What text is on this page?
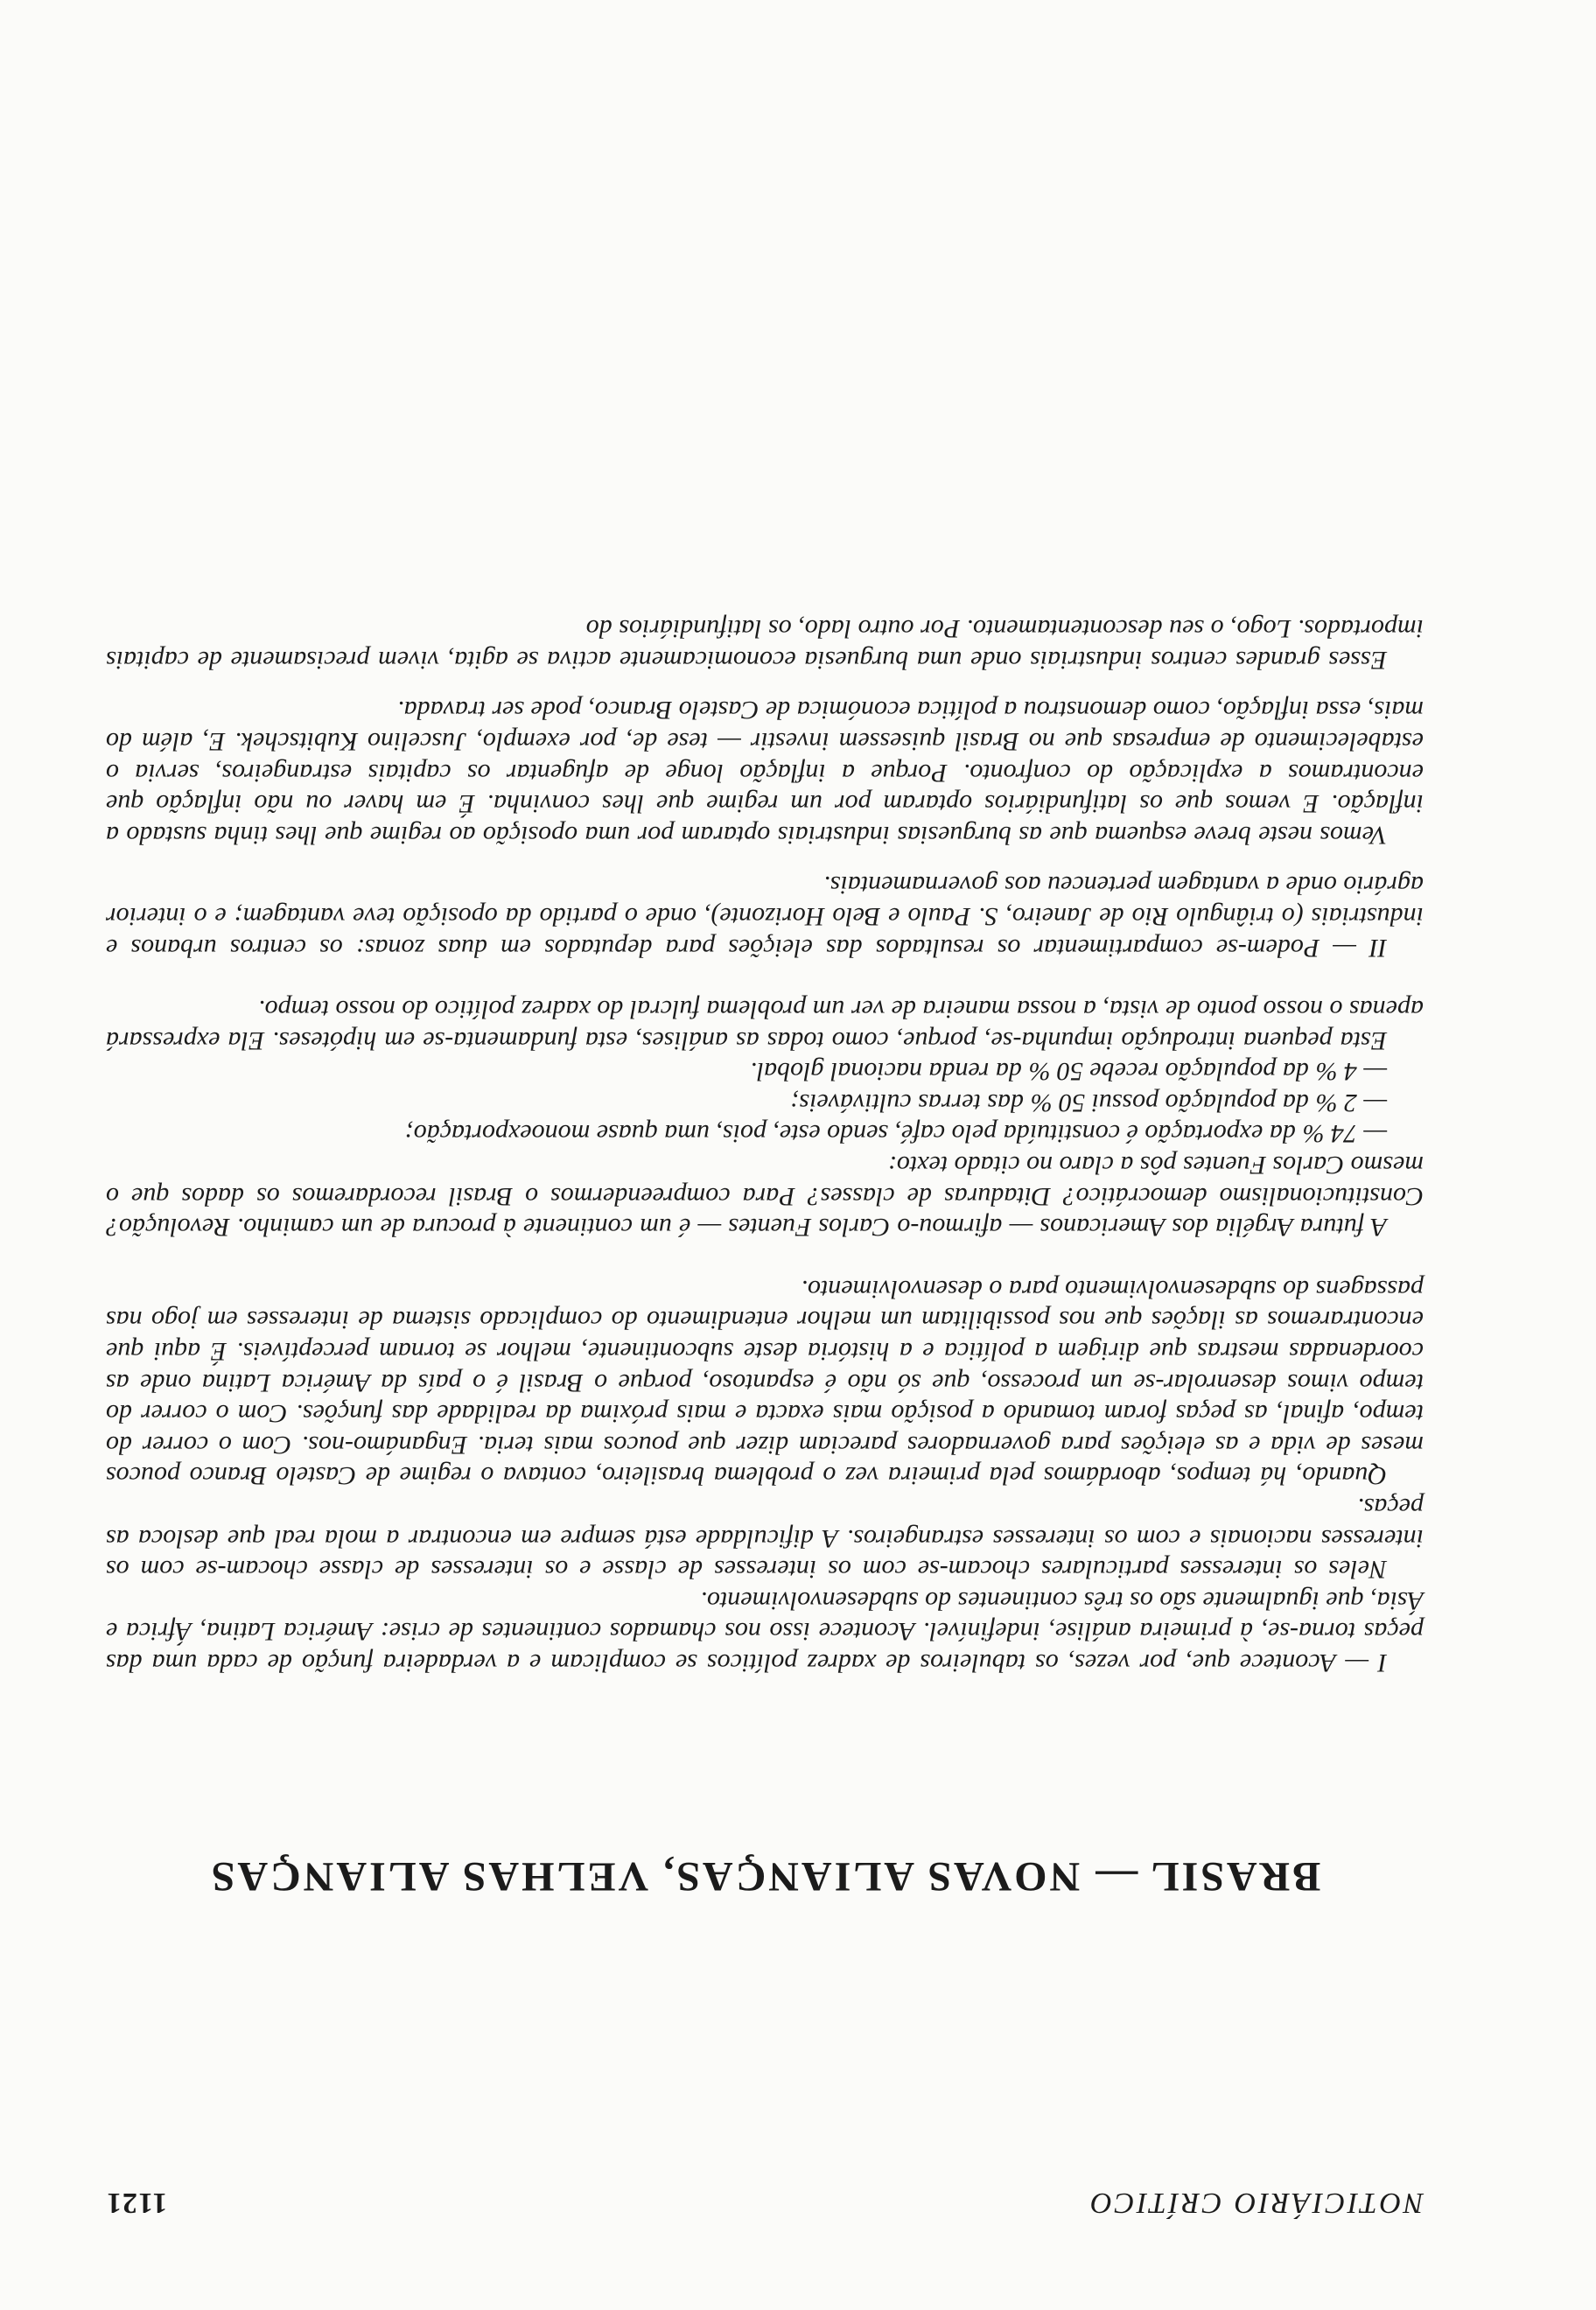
NOTICIÁRIO CRÍTICO
1121
BRASIL — NOVAS ALIANÇAS, VELHAS ALIANÇAS

I — Acontece que, por vezes, os tabuleiros de xadrez políticos se complicam e a verdadeira função de cada uma das peças torna-se, à primeira análise, indefinível. Acontece isso nos chamados continentes de crise: América Latina, África e Ásia, que igualmente são os três continentes do subdesenvolvimento.

Neles os interesses particulares chocam-se com os interesses de classe e os interesses de classe chocam-se com os interesses nacionais e com os interesses estrangeiros. A dificuldade está sempre em encontrar a mola real que desloca as peças.

Quando, há tempos, abordámos pela primeira vez o problema brasileiro, contava o regime de Castelo Branco poucos meses de vida e as eleições para governadores pareciam dizer que poucos mais teria. Enganámo-nos. Com o correr do tempo, afinal, as peças foram tomando a posição mais exacta e mais próxima da realidade das funções. Com o correr do tempo vimos desenrolar-se um processo, que só não é espantoso, porque o Brasil é o país da América Latina onde as coordenadas mestras que dirigem a política e a história deste subcontinente, melhor se tornam perceptíveis. É aqui que encontraremos as ilações que nos possibilitam um melhor entendimento do complicado sistema de interesses em jogo nas passagens do subdesenvolvimento para o desenvolvimento.

A futura Argélia dos Americanos — afirmou-o Carlos Fuentes — é um continente à procura de um caminho. Revolução? Constitucionalismo democrático? Ditaduras de classes? Para compreendermos o Brasil recordaremos os dados que o mesmo Carlos Fuentes pôs a claro no citado texto:

— 74 % da exportação é constituída pelo café, sendo este, pois, uma quase monoexportação;

— 2 % da população possui 50 % das terras cultiváveis;

— 4 % da população recebe 50 % da renda nacional global.

Esta pequena introdução impunha-se, porque, como todas as análises, esta fundamenta-se em hipóteses. Ela expressará apenas o nosso ponto de vista, a nossa maneira de ver um problema fulcral do xadrez político do nosso tempo.

II — Podem-se compartimentar os resultados das eleições para deputados em duas zonas: os centros urbanos e industriais (o triângulo Rio de Janeiro, S. Paulo e Belo Horizonte), onde o partido da oposição teve vantagem; e o interior agrário onde a vantagem pertenceu aos governamentais.

Vemos neste breve esquema que as burguesias industriais optaram por uma oposição ao regime que lhes tinha sustado a inflação. E vemos que os latifundiários optaram por um regime que lhes convinha. É em haver ou não inflação que encontramos a explicação do confronto. Porque a inflação longe de afugentar os capitais estrangeiros, servia o estabelecimento de empresas que no Brasil quisessem investir — tese de, por exemplo, Juscelino Kubitschek. E, além do mais, essa inflação, como demonstrou a política económica de Castelo Branco, pode ser travada.

Esses grandes centros industriais onde uma burguesia economicamente activa se agita, vivem precisamente de capitais importados. Logo, o seu descontentamento. Por outro lado, os latifundiários do
